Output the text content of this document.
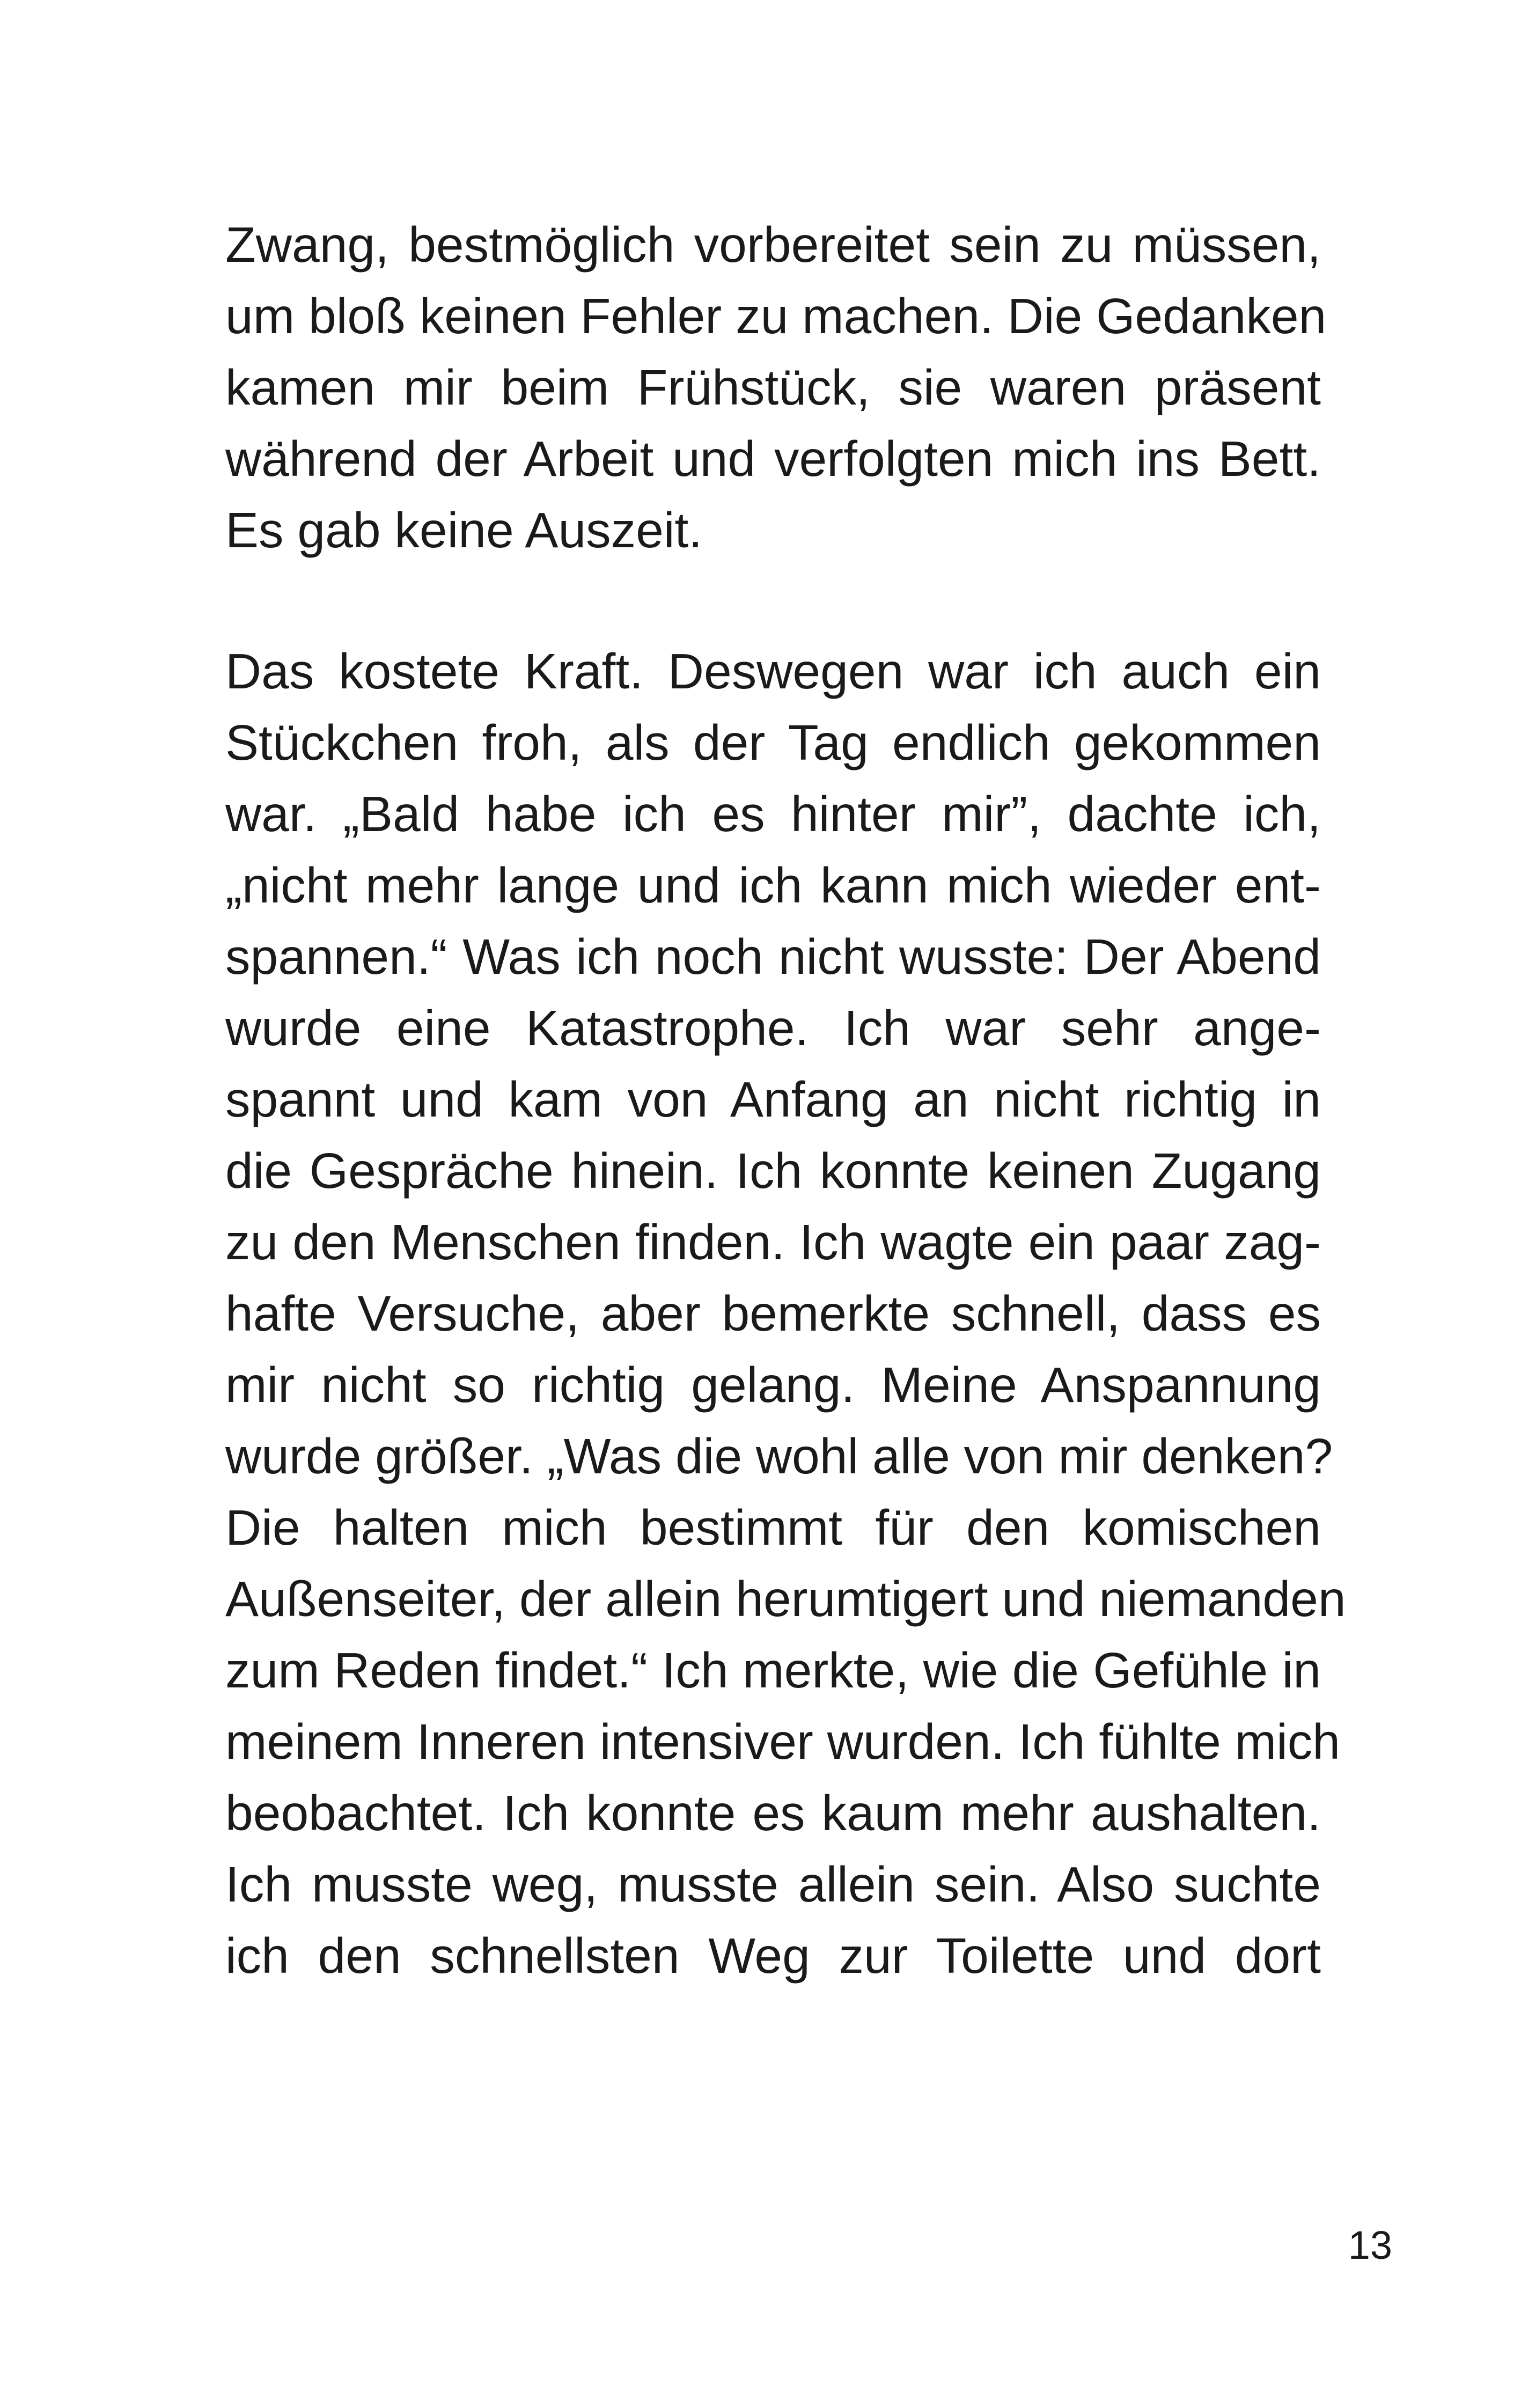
Zwang, bestmöglich vorbereitet sein zu müssen,
um bloß keinen Fehler zu machen. Die Gedanken
kamen mir beim Frühstück, sie waren präsent
während der Arbeit und verfolgten mich ins Bett.
Es gab keine Auszeit.
Das kostete Kraft. Deswegen war ich auch ein
Stückchen froh, als der Tag endlich gekommen
war. „Bald habe ich es hinter mir”, dachte ich,
„nicht mehr lange und ich kann mich wieder ent-
spannen.“ Was ich noch nicht wusste: Der Abend
wurde eine Katastrophe. Ich war sehr ange-
spannt und kam von Anfang an nicht richtig in
die Gespräche hinein. Ich konnte keinen Zugang
zu den Menschen finden. Ich wagte ein paar zag-
hafte Versuche, aber bemerkte schnell, dass es
mir nicht so richtig gelang. Meine Anspannung
wurde größer. „Was die wohl alle von mir denken?
Die halten mich bestimmt für den komischen
Außenseiter, der allein herumtigert und niemanden
zum Reden findet.“ Ich merkte, wie die Gefühle in
meinem Inneren intensiver wurden. Ich fühlte mich
beobachtet. Ich konnte es kaum mehr aushalten.
Ich musste weg, musste allein sein. Also suchte
ich den schnellsten Weg zur Toilette und dort
13
